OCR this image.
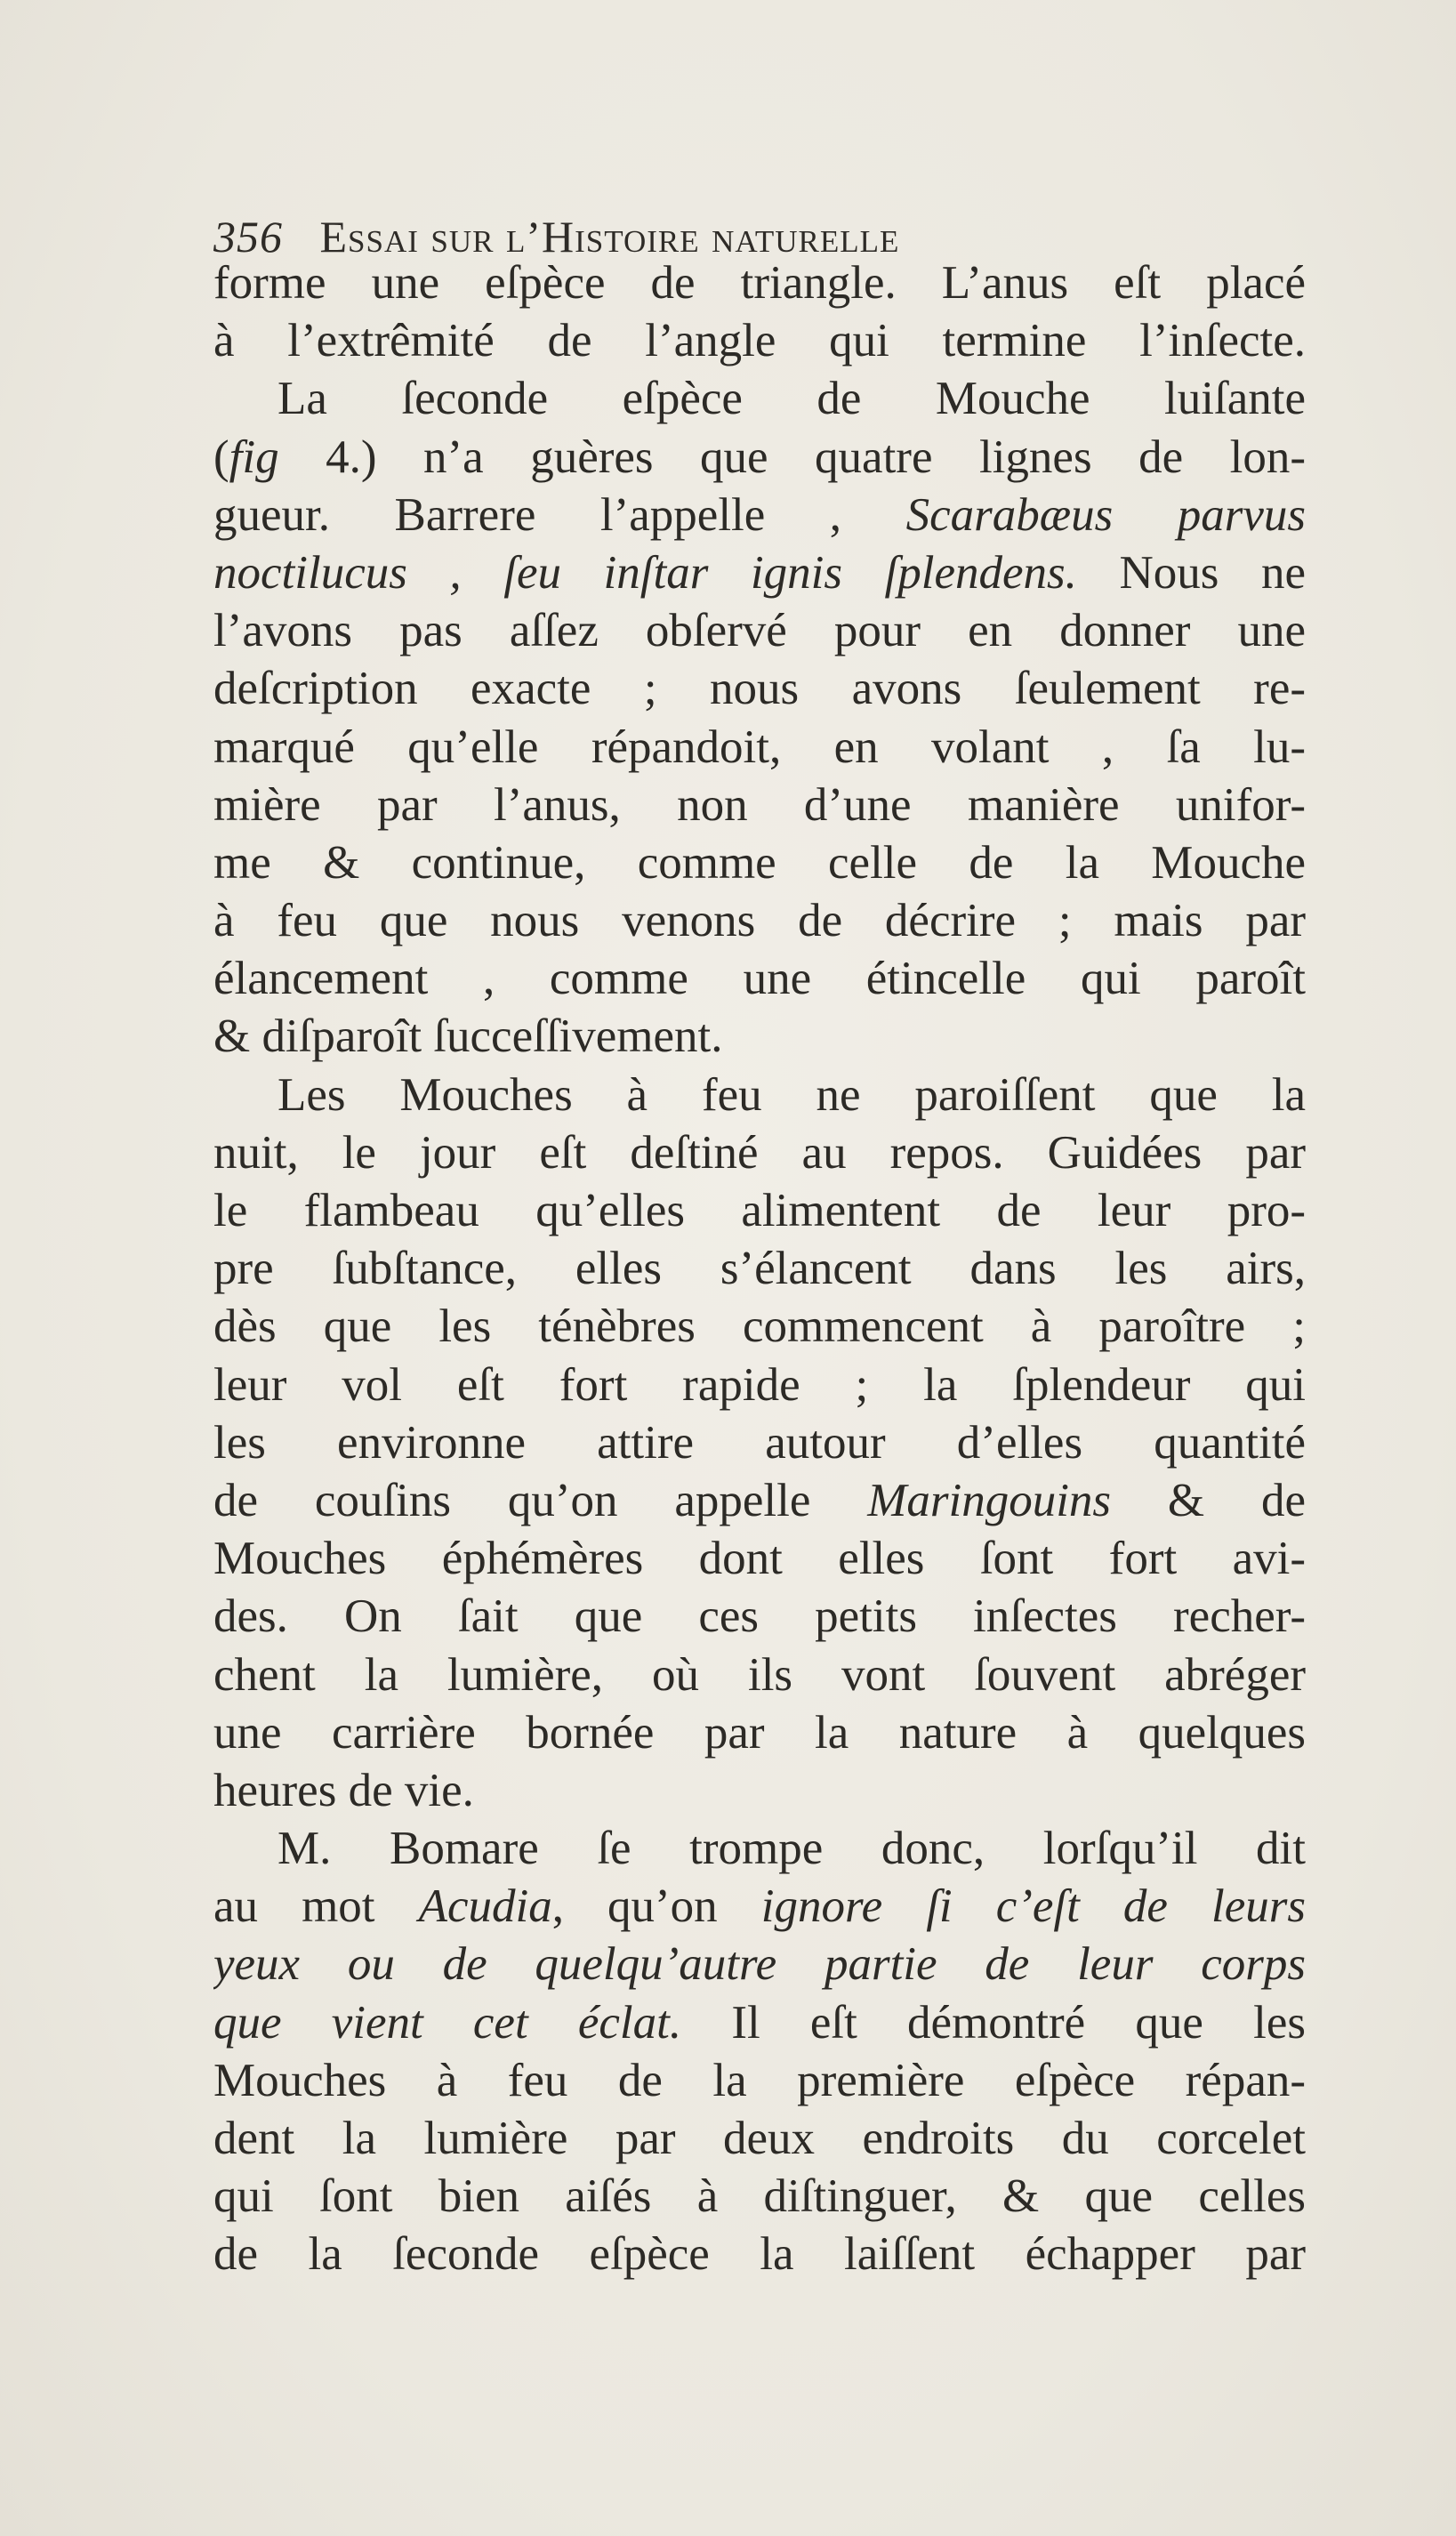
356 Essai sur l’Histoire naturelle
forme une eſpèce de triangle. L’anus eſt placé
à l’extrêmité de l’angle qui termine l’inſecte.
La ſeconde eſpèce de Mouche luiſante
(fig 4.) n’a guères que quatre lignes de lon-
gueur. Barrere l’appelle , Scarabæus parvus
noctilucus , ſeu inſtar ignis ſplendens. Nous ne
l’avons pas aſſez obſervé pour en donner une
deſcription exacte ; nous avons ſeulement re-
marqué qu’elle répandoit, en volant , ſa lu-
mière par l’anus, non d’une manière unifor-
me & continue, comme celle de la Mouche
à feu que nous venons de décrire ; mais par
élancement , comme une étincelle qui paroît
& diſparoît ſucceſſivement.
Les Mouches à feu ne paroiſſent que la
nuit, le jour eſt deſtiné au repos. Guidées par
le flambeau qu’elles alimentent de leur pro-
pre ſubſtance, elles s’élancent dans les airs,
dès que les ténèbres commencent à paroître ;
leur vol eſt fort rapide ; la ſplendeur qui
les environne attire autour d’elles quantité
de couſins qu’on appelle Maringouins & de
Mouches éphémères dont elles ſont fort avi-
des. On ſait que ces petits inſectes recher-
chent la lumière, où ils vont ſouvent abréger
une carrière bornée par la nature à quelques
heures de vie.
M. Bomare ſe trompe donc, lorſqu’il dit
au mot Acudia, qu’on ignore ſi c’eſt de leurs
yeux ou de quelqu’autre partie de leur corps
que vient cet éclat. Il eſt démontré que les
Mouches à feu de la première eſpèce répan-
dent la lumière par deux endroits du corcelet
qui ſont bien aiſés à diſtinguer, & que celles
de la ſeconde eſpèce la laiſſent échapper par
